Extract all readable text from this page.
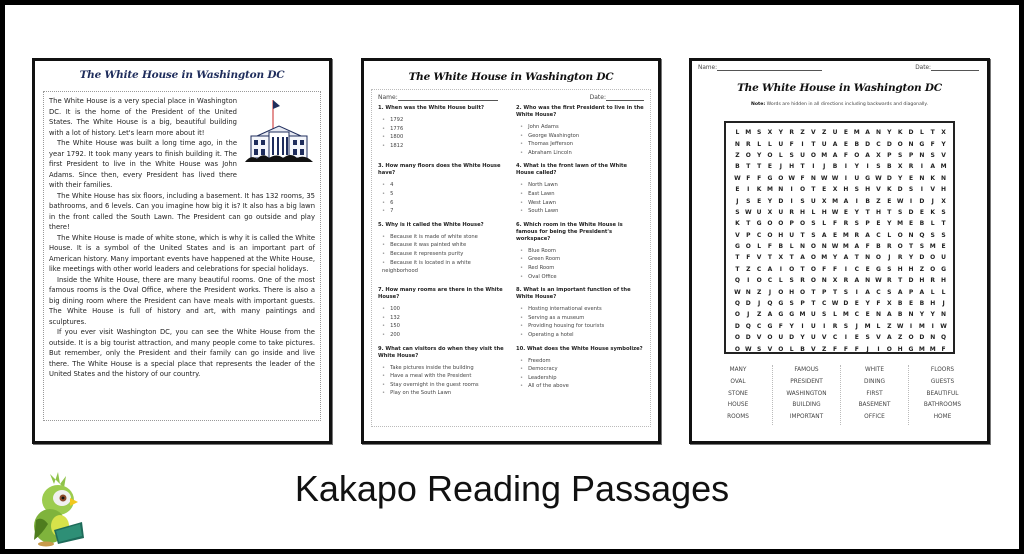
The White House in Washington DC

The White House is a very special place in Washington DC. It is the home of the President of the United States. The White House is a big, beautiful building with a lot of history. Let's learn more about it!

The White House was built a long time ago, in the year 1792. It took many years to finish building it. The first President to live in the White House was John Adams. Since then, every President has lived there with their families.

The White House has six floors, including a basement. It has 132 rooms, 35 bathrooms, and 6 levels. Can you imagine how big it is? It also has a big lawn in the front called the South Lawn. The President can go outside and play there!

The White House is made of white stone, which is why it is called the White House. It is a symbol of the United States and is an important part of American history. Many important events have happened at the White House, like meetings with other world leaders and celebrations for special holidays.

Inside the White House, there are many beautiful rooms. One of the most famous rooms is the Oval Office, where the President works. There is also a big dining room where the President can have meals with important guests. The White House is full of history and art, with many paintings and sculptures.

If you ever visit Washington DC, you can see the White House from the outside. It is a big tourist attraction, and many people come to take pictures. But remember, only the President and their family can go inside and live there. The White House is a special place that represents the leader of the United States and the history of our country.

The White House in Washington DC
Name:	Date:
1. When was the White House built?
• 1792
• 1776
• 1800
• 1812
2. Who was the first President to live in the White House?
• John Adams
• George Washington
• Thomas Jefferson
• Abraham Lincoln
3. How many floors does the White House have?
• 4
• 5
• 6
• 7
4. What is the front lawn of the White House called?
• North Lawn
• East Lawn
• West Lawn
• South Lawn
5. Why is it called the White House?
• Because it is made of white stone
• Because it was painted white
• Because it represents purity
• Because it is located in a white neighborhood
6. Which room in the White House is famous for being the President's workspace?
• Blue Room
• Green Room
• Red Room
• Oval Office
7. How many rooms are there in the White House?
• 100
• 132
• 150
• 200
8. What is an important function of the White House?
• Hosting international events
• Serving as a museum
• Providing housing for tourists
• Operating a hotel
9. What can visitors do when they visit the White House?
• Take pictures inside the building
• Have a meal with the President
• Stay overnight in the guest rooms
• Play on the South Lawn
10. What does the White House symbolize?
• Freedom
• Democracy
• Leadership
• All of the above
Name:	Date:
The White House in Washington DC
Note: Words are hidden in all directions including backwards and diagonally.
L M S X Y R Z V Z U E M A N Y K D L T X
N R L L U F I T U A E B D C D O N G F Y
Z O Y O L S U O M A F O A X P S P N S V
B T T E J H T I J B I Y I S B X R I A M
W F F G O W F N W W I U G W D Y E N K N
E I K M N I O T E X H S H V K D S I V H
J S E Y D I S U X M A I B Z E W I D J X
S W U X U R H L H W E Y T H T S D E K S
K T G O O P O S L F R S P E Y M E B L T
V P C O H U T S A E M R A C L O N Q S S
G O L F B L N O N W M A F B R O T S M E
T F V T X T A O M Y A T N O J R Y D O U
T Z C A I O T O F F I C E G S H H Z O G
Q I O C L S R O N X R A N W R T D H R H
W N Z J O H O T P T S I A C S A P A L L
Q D J Q G S P T C W D E Y F X B E B H J
O J Z A G G M U S L M C E N A B N Y Y N
D Q C G F Y I U I R S J M L Z W I M I W
O D V O U D Y U V C I E S V A Z O D N Q
O W S V O L B V Z F F F J I O H G M M F
MANY
OVAL
STONE
HOUSE
ROOMS
FAMOUS
PRESIDENT
WASHINGTON
BUILDING
IMPORTANT
WHITE
DINING
FIRST
BASEMENT
OFFICE
FLOORS
GUESTS
BEAUTIFUL
BATHROOMS
HOME
Kakapo Reading Passages
